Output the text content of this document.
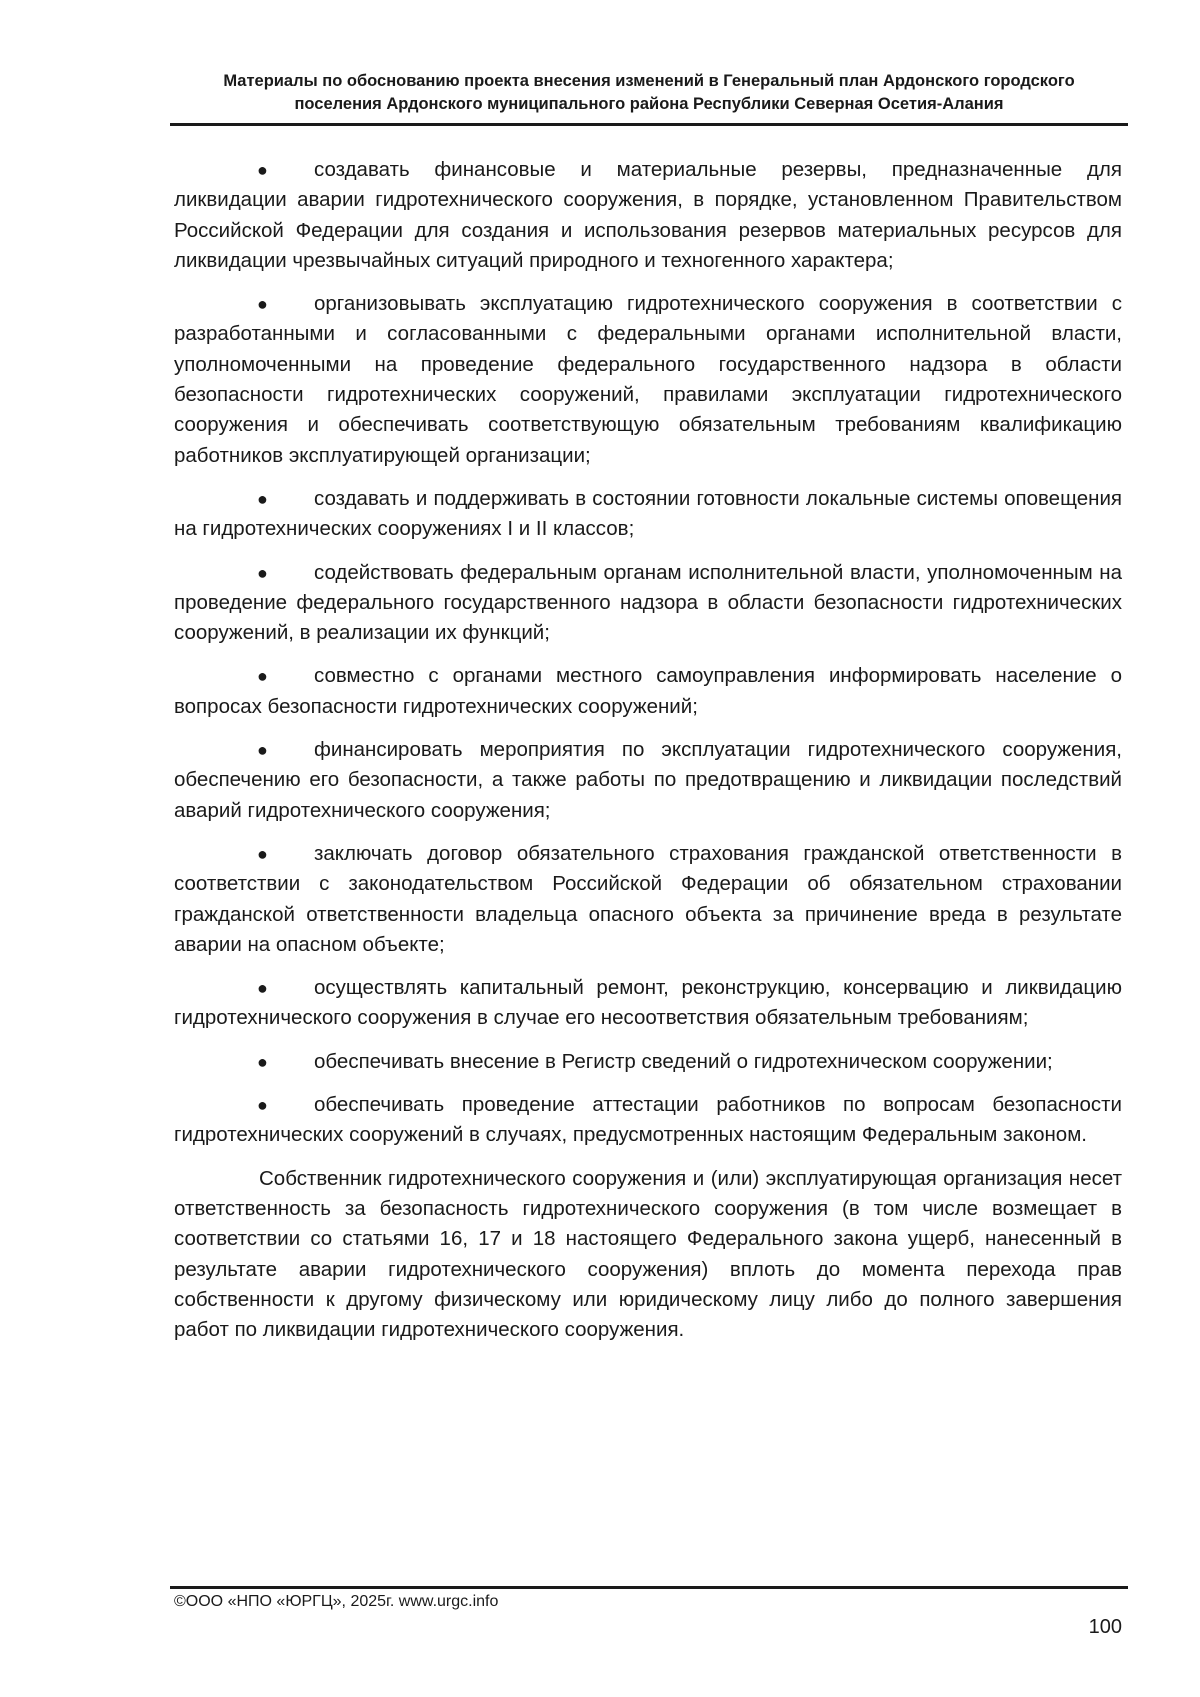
Материалы по обоснованию проекта внесения изменений в Генеральный план Ардонского городского
поселения Ардонского муниципального района Республики Северная Осетия-Алания
● создавать финансовые и материальные резервы, предназначенные для ликвидации аварии гидротехнического сооружения, в порядке, установленном Правительством Российской Федерации для создания и использования резервов материальных ресурсов для ликвидации чрезвычайных ситуаций природного и техногенного характера;
● организовывать эксплуатацию гидротехнического сооружения в соответствии с разработанными и согласованными с федеральными органами исполнительной власти, уполномоченными на проведение федерального государственного надзора в области безопасности гидротехнических сооружений, правилами эксплуатации гидротехнического сооружения и обеспечивать соответствующую обязательным требованиям квалификацию работников эксплуатирующей организации;
● создавать и поддерживать в состоянии готовности локальные системы оповещения на гидротехнических сооружениях I и II классов;
● содействовать федеральным органам исполнительной власти, уполномоченным на проведение федерального государственного надзора в области безопасности гидротехнических сооружений, в реализации их функций;
● совместно с органами местного самоуправления информировать население о вопросах безопасности гидротехнических сооружений;
● финансировать мероприятия по эксплуатации гидротехнического сооружения, обеспечению его безопасности, а также работы по предотвращению и ликвидации последствий аварий гидротехнического сооружения;
● заключать договор обязательного страхования гражданской ответственности в соответствии с законодательством Российской Федерации об обязательном страховании гражданской ответственности владельца опасного объекта за причинение вреда в результате аварии на опасном объекте;
● осуществлять капитальный ремонт, реконструкцию, консервацию и ликвидацию гидротехнического сооружения в случае его несоответствия обязательным требованиям;
● обеспечивать внесение в Регистр сведений о гидротехническом сооружении;
● обеспечивать проведение аттестации работников по вопросам безопасности гидротехнических сооружений в случаях, предусмотренных настоящим Федеральным законом.
Собственник гидротехнического сооружения и (или) эксплуатирующая организация несет ответственность за безопасность гидротехнического сооружения (в том числе возмещает в соответствии со статьями 16, 17 и 18 настоящего Федерального закона ущерб, нанесенный в результате аварии гидротехнического сооружения) вплоть до момента перехода прав собственности к другому физическому или юридическому лицу либо до полного завершения работ по ликвидации гидротехнического сооружения.
©ООО «НПО «ЮРГЦ», 2025г. www.urgc.info
100
